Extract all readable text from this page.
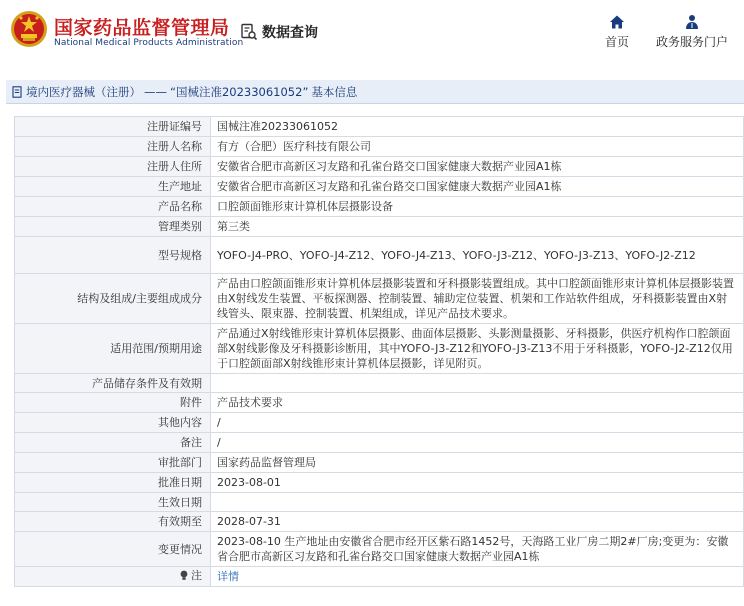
国家药品监督管理局
National Medical Products Administration
数据查询
首页	政务服务门户
境内医疗器械（注册） —— “国械注准20233061052” 基本信息
注册证编号	国械注准20233061052
注册人名称	有方（合肥）医疗科技有限公司
注册人住所	安徽省合肥市高新区习友路和孔雀台路交口国家健康大数据产业园A1栋
生产地址	安徽省合肥市高新区习友路和孔雀台路交口国家健康大数据产业园A1栋
产品名称	口腔颌面锥形束计算机体层摄影设备
管理类别	第三类
型号规格	YOFO-J4-PRO、YOFO-J4-Z12、YOFO-J4-Z13、YOFO-J3-Z12、YOFO-J3-Z13、YOFO-J2-Z12
结构及组成/主要组成成分	产品由口腔颌面锥形束计算机体层摄影装置和牙科摄影装置组成。其中口腔颌面锥形束计算机体层摄影装置由X射线发生装置、平板探测器、控制装置、辅助定位装置、机架和工作站软件组成，牙科摄影装置由X射线管头、限束器、控制装置、机架组成，详见产品技术要求。
适用范围/预期用途	产品通过X射线锥形束计算机体层摄影、曲面体层摄影、头影测量摄影、牙科摄影，供医疗机构作口腔颌面部X射线影像及牙科摄影诊断用，其中YOFO-J3-Z12和YOFO-J3-Z13不用于牙科摄影，YOFO-J2-Z12仅用于口腔颌面部X射线锥形束计算机体层摄影，详见附页。
产品储存条件及有效期	
附件	产品技术要求
其他内容	/
备注	/
审批部门	国家药品监督管理局
批准日期	2023-08-01
生效日期	
有效期至	2028-07-31
变更情况	2023-08-10 生产地址由安徽省合肥市经开区紫石路1452号，天海路工业厂房二期2#厂房;变更为：安徽省合肥市高新区习友路和孔雀台路交口国家健康大数据产业园A1栋

注	详情
